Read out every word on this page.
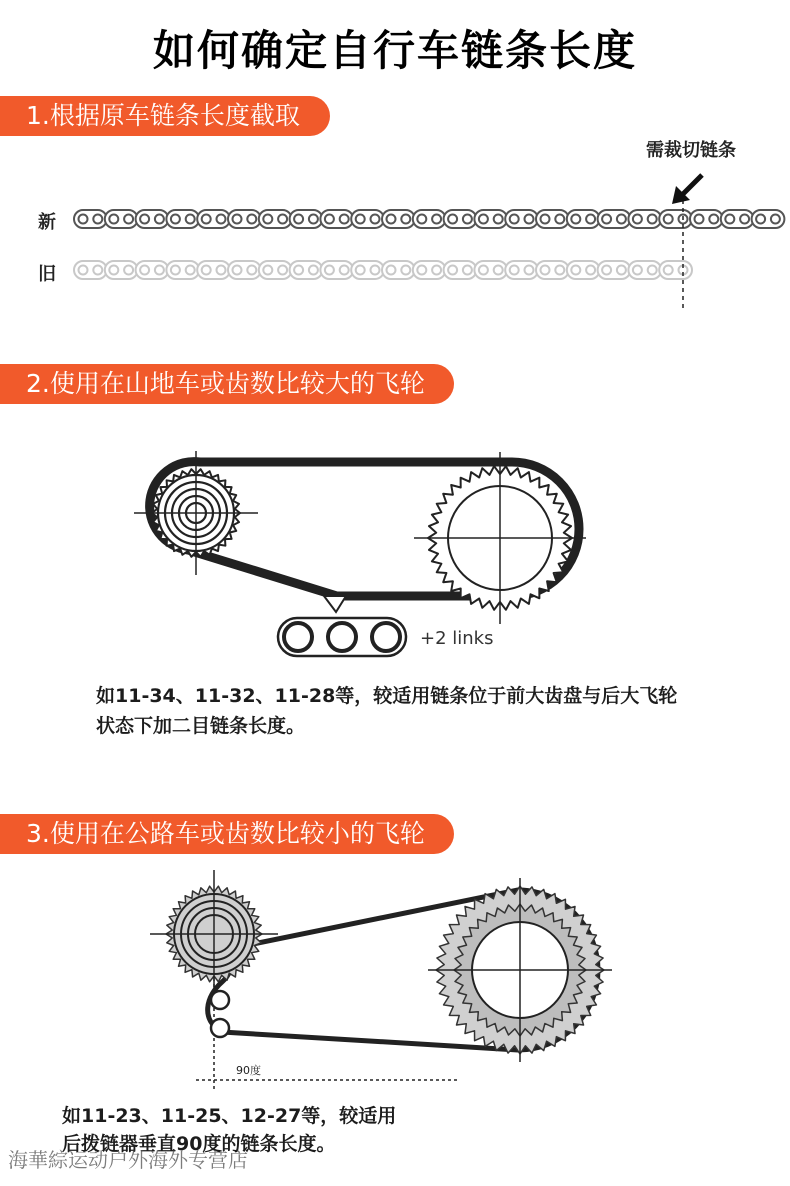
如何确定自行车链条长度
1.根据原车链条长度截取
需裁切链条
新
旧
2.使用在山地车或齿数比较大的飞轮
+2 links
如11-34、11-32、11-28等，较适用链条位于前大齿盘与后大飞轮
状态下加二目链条长度。
3.使用在公路车或齿数比较小的飞轮
90度
如11-23、11-25、12-27等，较适用
后拨链器垂直90度的链条长度。
海華綜运动户外海外专营店
